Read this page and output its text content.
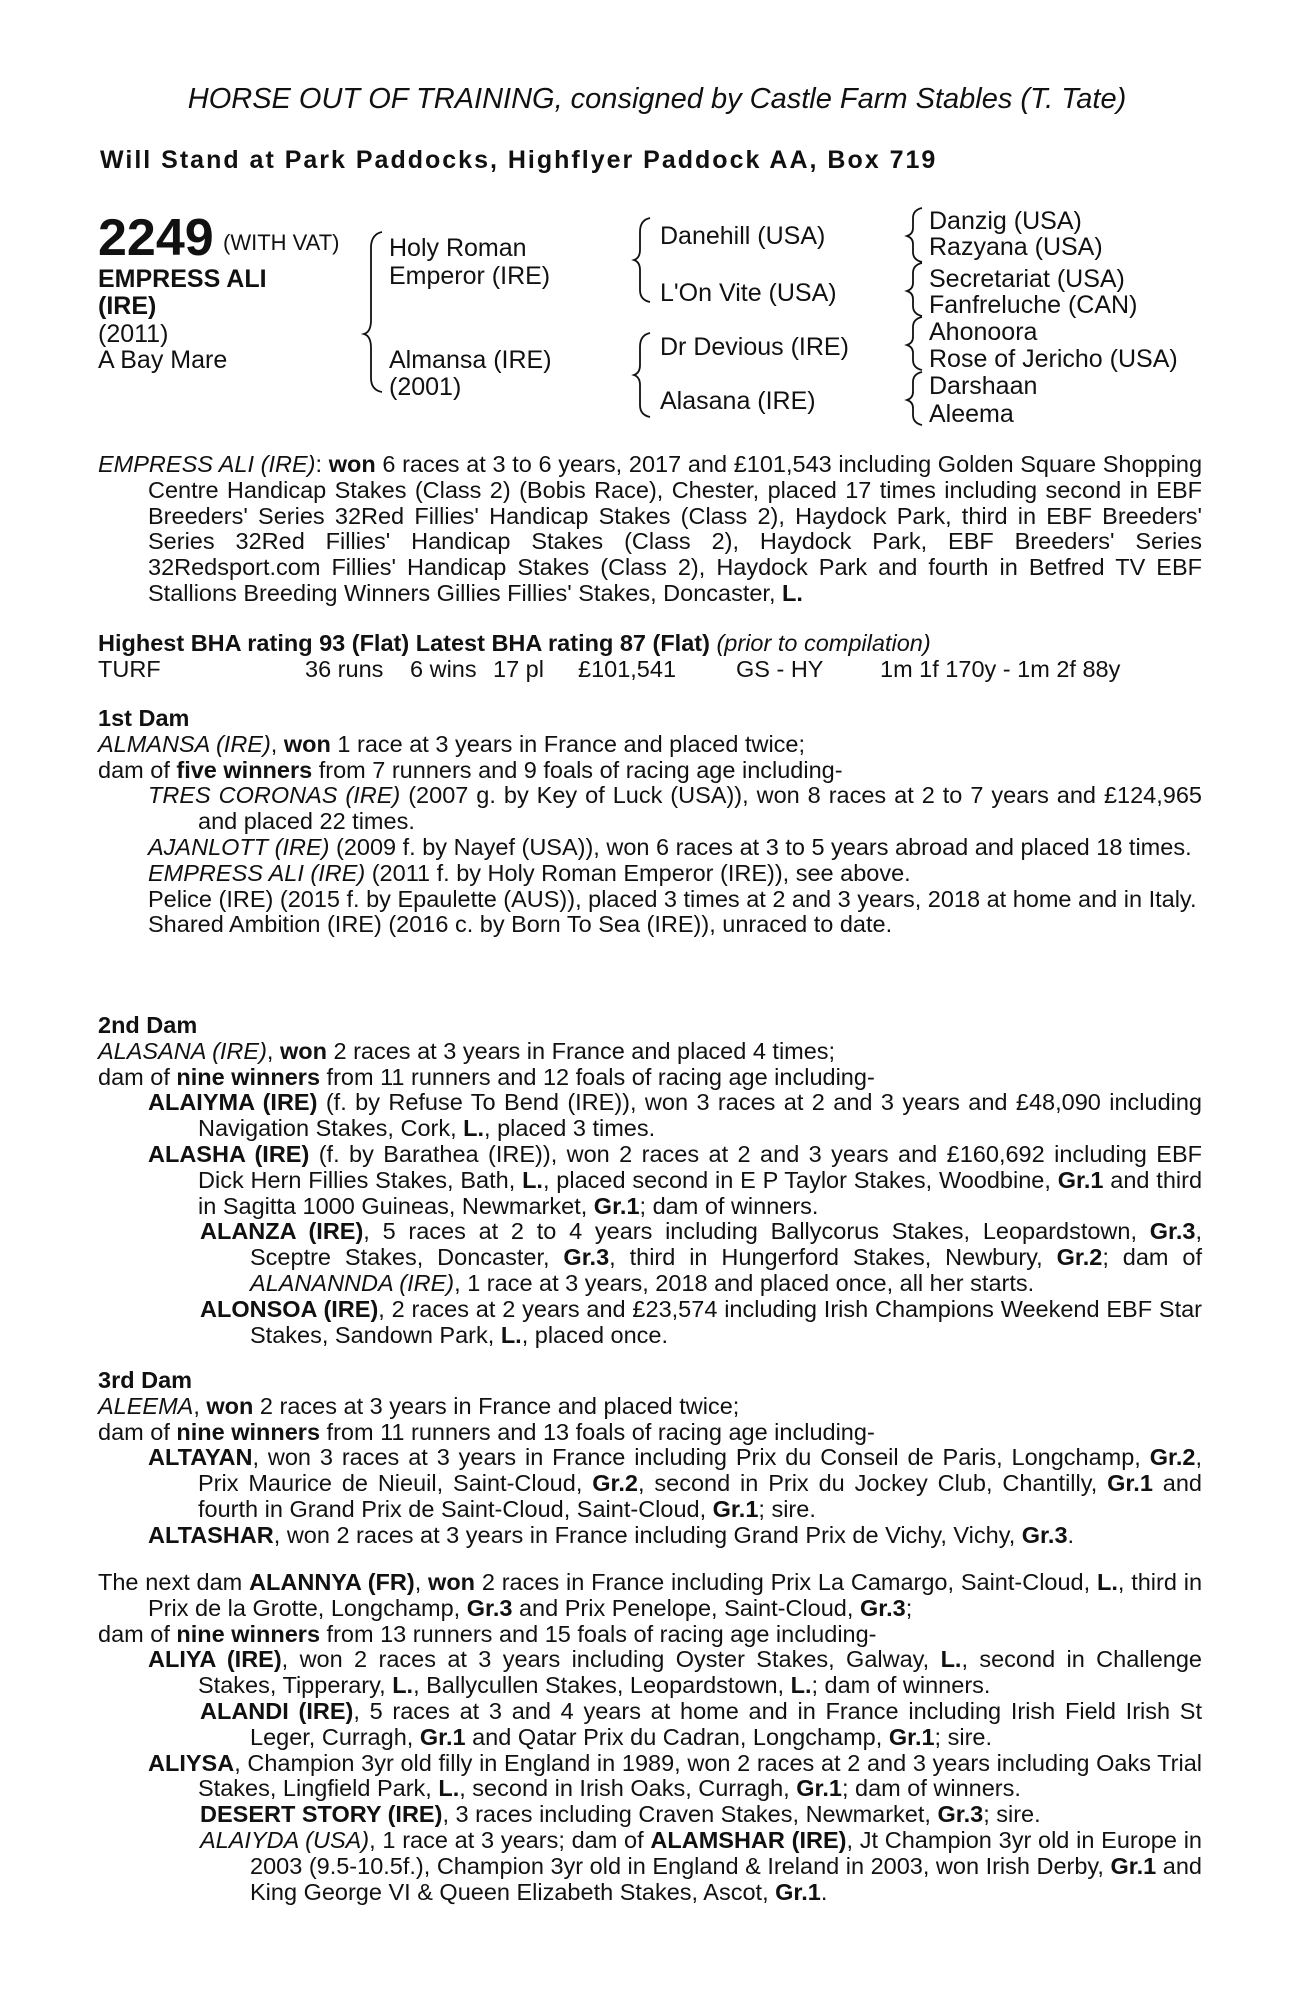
HORSE OUT OF TRAINING, consigned by Castle Farm Stables (T. Tate)
Will Stand at Park Paddocks, Highflyer Paddock AA, Box 719
2249 (WITH VAT)
EMPRESS ALI
(IRE)
(2011)
A Bay Mare
Holy Roman
Emperor (IRE)
Almansa (IRE)
(2001)
Danehill (USA)
L'On Vite (USA)
Dr Devious (IRE)
Alasana (IRE)
Danzig (USA)
Razyana (USA)
Secretariat (USA)
Fanfreluche (CAN)
Ahonoora
Rose of Jericho (USA)
Darshaan
Aleema

EMPRESS ALI (IRE): won 6 races at 3 to 6 years, 2017 and £101,543 including Golden Square Shopping Centre Handicap Stakes (Class 2) (Bobis Race), Chester, placed 17 times including second in EBF Breeders' Series 32Red Fillies' Handicap Stakes (Class 2), Haydock Park, third in EBF Breeders' Series 32Red Fillies' Handicap Stakes (Class 2), Haydock Park, EBF Breeders' Series 32Redsport.com Fillies' Handicap Stakes (Class 2), Haydock Park and fourth in Betfred TV EBF Stallions Breeding Winners Gillies Fillies' Stakes, Doncaster, L.

Highest BHA rating 93 (Flat) Latest BHA rating 87 (Flat) (prior to compilation)
TURF	36 runs 6 wins 17 pl £101,541	GS - HY 1m 1f 170y - 1m 2f 88y

1st Dam

ALMANSA (IRE), won 1 race at 3 years in France and placed twice;

dam of five winners from 7 runners and 9 foals of racing age including-

TRES CORONAS (IRE) (2007 g. by Key of Luck (USA)), won 8 races at 2 to 7 years and £124,965 and placed 22 times.

AJANLOTT (IRE) (2009 f. by Nayef (USA)), won 6 races at 3 to 5 years abroad and placed 18 times.

EMPRESS ALI (IRE) (2011 f. by Holy Roman Emperor (IRE)), see above.

Pelice (IRE) (2015 f. by Epaulette (AUS)), placed 3 times at 2 and 3 years, 2018 at home and in Italy.

Shared Ambition (IRE) (2016 c. by Born To Sea (IRE)), unraced to date.

2nd Dam

ALASANA (IRE), won 2 races at 3 years in France and placed 4 times;

dam of nine winners from 11 runners and 12 foals of racing age including-

ALAIYMA (IRE) (f. by Refuse To Bend (IRE)), won 3 races at 2 and 3 years and £48,090 including Navigation Stakes, Cork, L., placed 3 times.

ALASHA (IRE) (f. by Barathea (IRE)), won 2 races at 2 and 3 years and £160,692 including EBF Dick Hern Fillies Stakes, Bath, L., placed second in E P Taylor Stakes, Woodbine, Gr.1 and third in Sagitta 1000 Guineas, Newmarket, Gr.1; dam of winners.

ALANZA (IRE), 5 races at 2 to 4 years including Ballycorus Stakes, Leopardstown, Gr.3, Sceptre Stakes, Doncaster, Gr.3, third in Hungerford Stakes, Newbury, Gr.2; dam of ALANANNDA (IRE), 1 race at 3 years, 2018 and placed once, all her starts.

ALONSOA (IRE), 2 races at 2 years and £23,574 including Irish Champions Weekend EBF Star Stakes, Sandown Park, L., placed once.

3rd Dam

ALEEMA, won 2 races at 3 years in France and placed twice;

dam of nine winners from 11 runners and 13 foals of racing age including-

ALTAYAN, won 3 races at 3 years in France including Prix du Conseil de Paris, Longchamp, Gr.2, Prix Maurice de Nieuil, Saint-Cloud, Gr.2, second in Prix du Jockey Club, Chantilly, Gr.1 and fourth in Grand Prix de Saint-Cloud, Saint-Cloud, Gr.1; sire.

ALTASHAR, won 2 races at 3 years in France including Grand Prix de Vichy, Vichy, Gr.3.

The next dam ALANNYA (FR), won 2 races in France including Prix La Camargo, Saint-Cloud, L., third in Prix de la Grotte, Longchamp, Gr.3 and Prix Penelope, Saint-Cloud, Gr.3;

dam of nine winners from 13 runners and 15 foals of racing age including-

ALIYA (IRE), won 2 races at 3 years including Oyster Stakes, Galway, L., second in Challenge Stakes, Tipperary, L., Ballycullen Stakes, Leopardstown, L.; dam of winners.

ALANDI (IRE), 5 races at 3 and 4 years at home and in France including Irish Field Irish St Leger, Curragh, Gr.1 and Qatar Prix du Cadran, Longchamp, Gr.1; sire.

ALIYSA, Champion 3yr old filly in England in 1989, won 2 races at 2 and 3 years including Oaks Trial Stakes, Lingfield Park, L., second in Irish Oaks, Curragh, Gr.1; dam of winners.

DESERT STORY (IRE), 3 races including Craven Stakes, Newmarket, Gr.3; sire.

ALAIYDA (USA), 1 race at 3 years; dam of ALAMSHAR (IRE), Jt Champion 3yr old in Europe in 2003 (9.5-10.5f.), Champion 3yr old in England & Ireland in 2003, won Irish Derby, Gr.1 and King George VI & Queen Elizabeth Stakes, Ascot, Gr.1.
